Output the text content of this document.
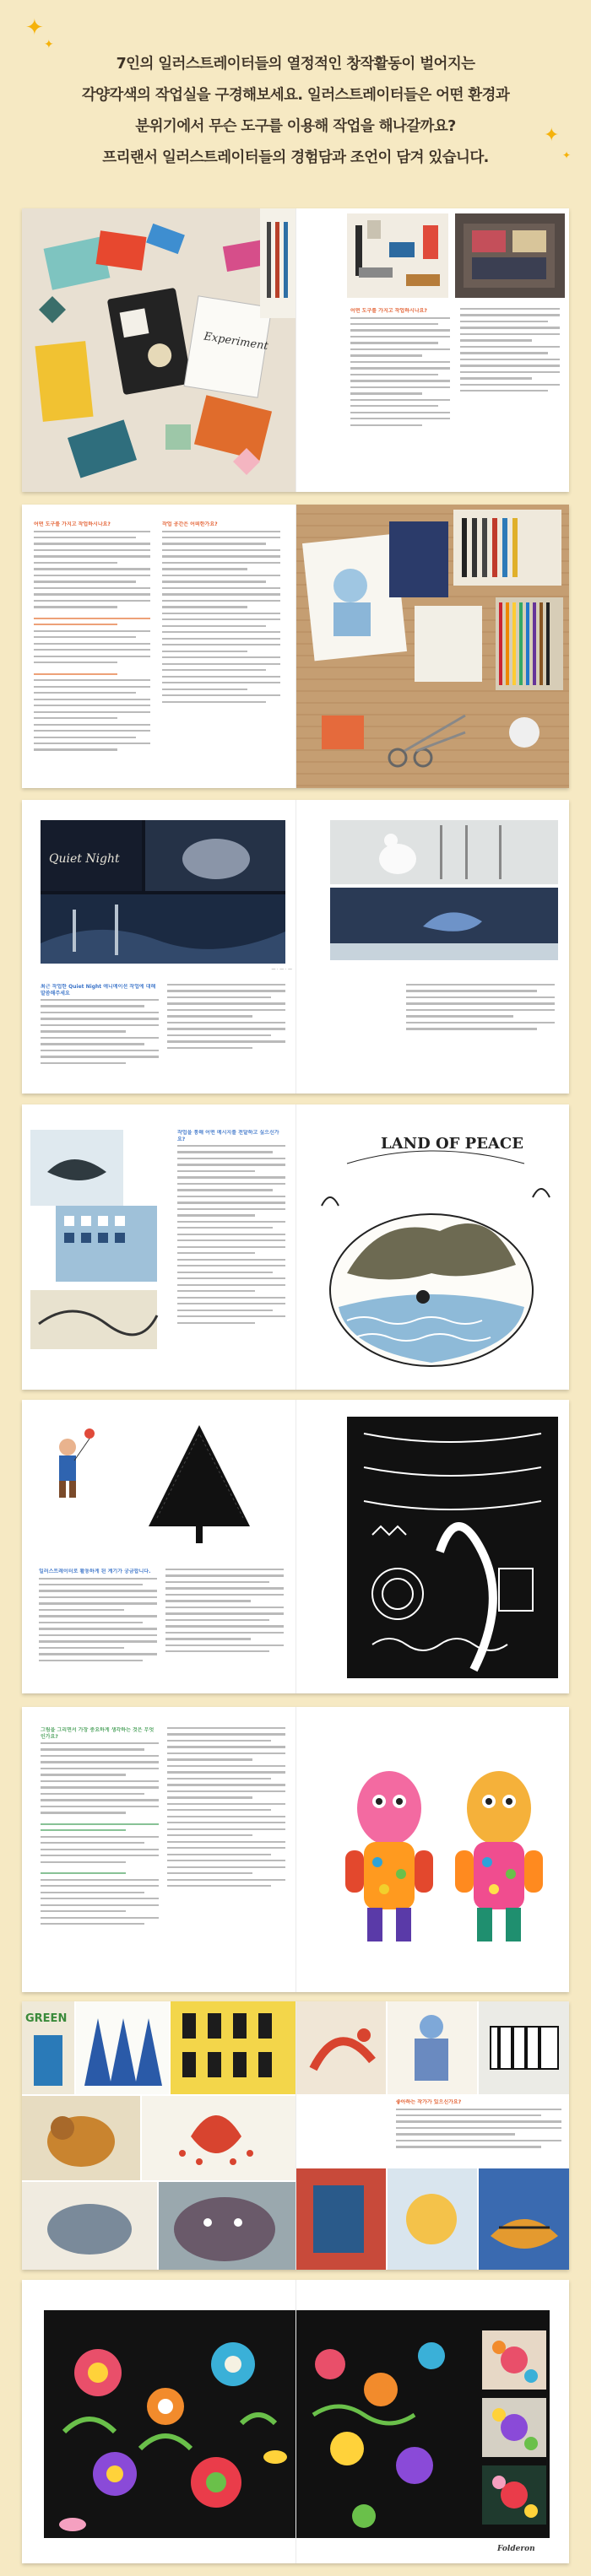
✦
✦
✦
✦

7인의 일러스트레이터들의 열정적인 창작활동이 벌어지는

각양각색의 작업실을 구경해보세요. 일러스트레이터들은 어떤 환경과

분위기에서 무슨 도구를 이용해 작업을 해나갈까요?

프리랜서 일러스트레이터들의 경험담과 조언이 담겨 있습니다.

Experiment
어떤 도구를 가지고 작업하시나요?
어떤 도구를 가지고 작업하시나요?	작업 공간은 어떠한가요?
Quiet Night
— · — · —
최근 작업한 Quiet Night 애니메이션 작업에 대해 말씀해주세요
작업을 통해 어떤 메시지를 전달하고 싶으신가요?	LAND OF PEACE
일러스트레이터로 활동하게 된 계기가 궁금합니다.
그림을 그리면서 가장 중요하게 생각하는 것은 무엇인가요?
GREEN
좋아하는 작가가 있으신가요?
Folderon
